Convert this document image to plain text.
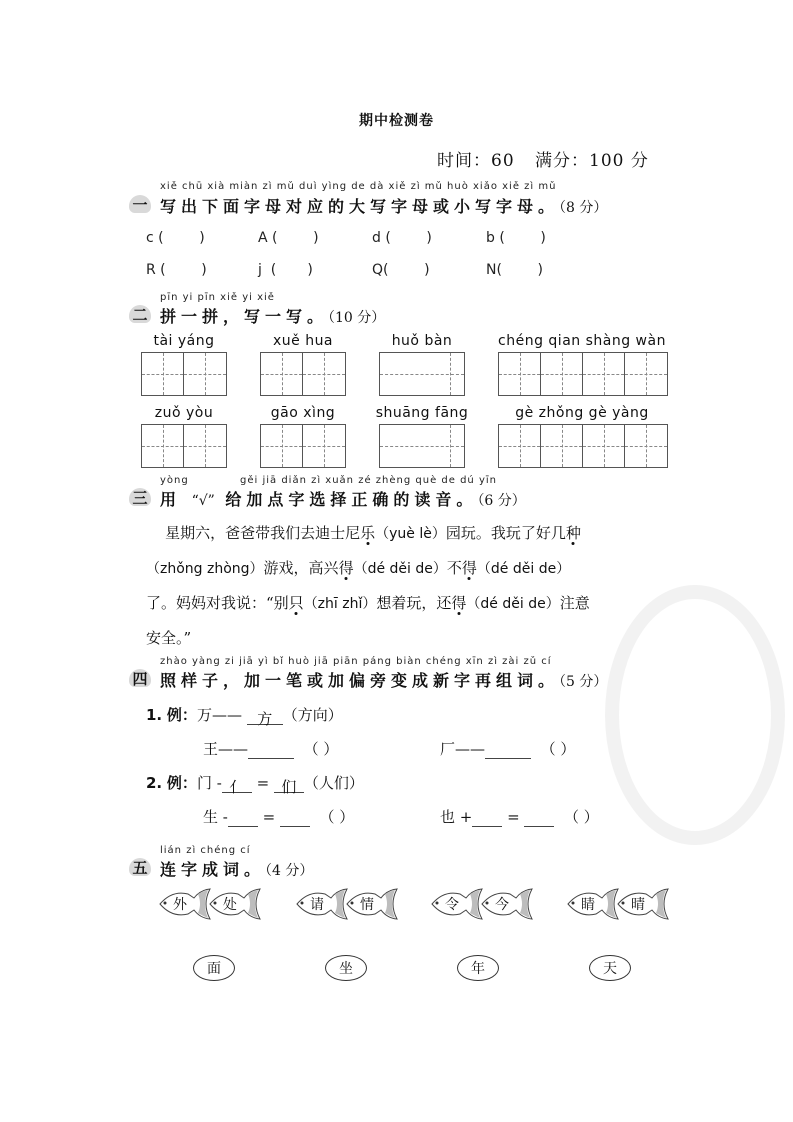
期中检测卷
时间：60 满分：100 分
xiě chū xià miàn zì mǔ duì yìng de dà xiě zì mǔ huò xiǎo xiě zì mǔ
一 写出下面字母对应的大写字母或小写字母。（8 分）
c (        )	A (        )	d (        )	b (        )
R (        )	j  (       )	Q(        )	N(        )
pīn yi pīn xiě yi xiě
二 拼一拼，写一写。（10 分）
tài yáng	xuě hua	huǒ bàn	chéng qian shàng wàn
zuǒ yòu	gāo xìng	shuāng fāng	gè zhǒng gè yàng
yòng	gěi jiā diǎn zì xuǎn zé zhèng què de dú yīn
三 用 “√” 给加点字选择正确的读音。（6 分）
星期六，爸爸带我们去迪士尼乐（yuè lè）园玩。我玩了好几种
（zhǒng zhòng）游戏，高兴得（dé děi de）不得（dé děi de）
了。妈妈对我说：“别只（zhī zhǐ）想着玩，还得（dé děi de）注意
安全。”
zhào yàng zi jiā yì bǐ huò jiā piān páng biàn chéng xīn zì zài zǔ cí
四 照样子，加一笔或加偏旁变成新字再组词。（5 分）
1. 例：万—— 方 （方向）
王——	（ ）	厂——	（ ）
2. 例：门 - 亻 = 们 （人们）
生 - =	（ ）	也 + =	（ ）
lián zì chéng cí
五 连字成词。（4 分）
外	处	请	情	令	今	睛	晴
面	坐	年	天
